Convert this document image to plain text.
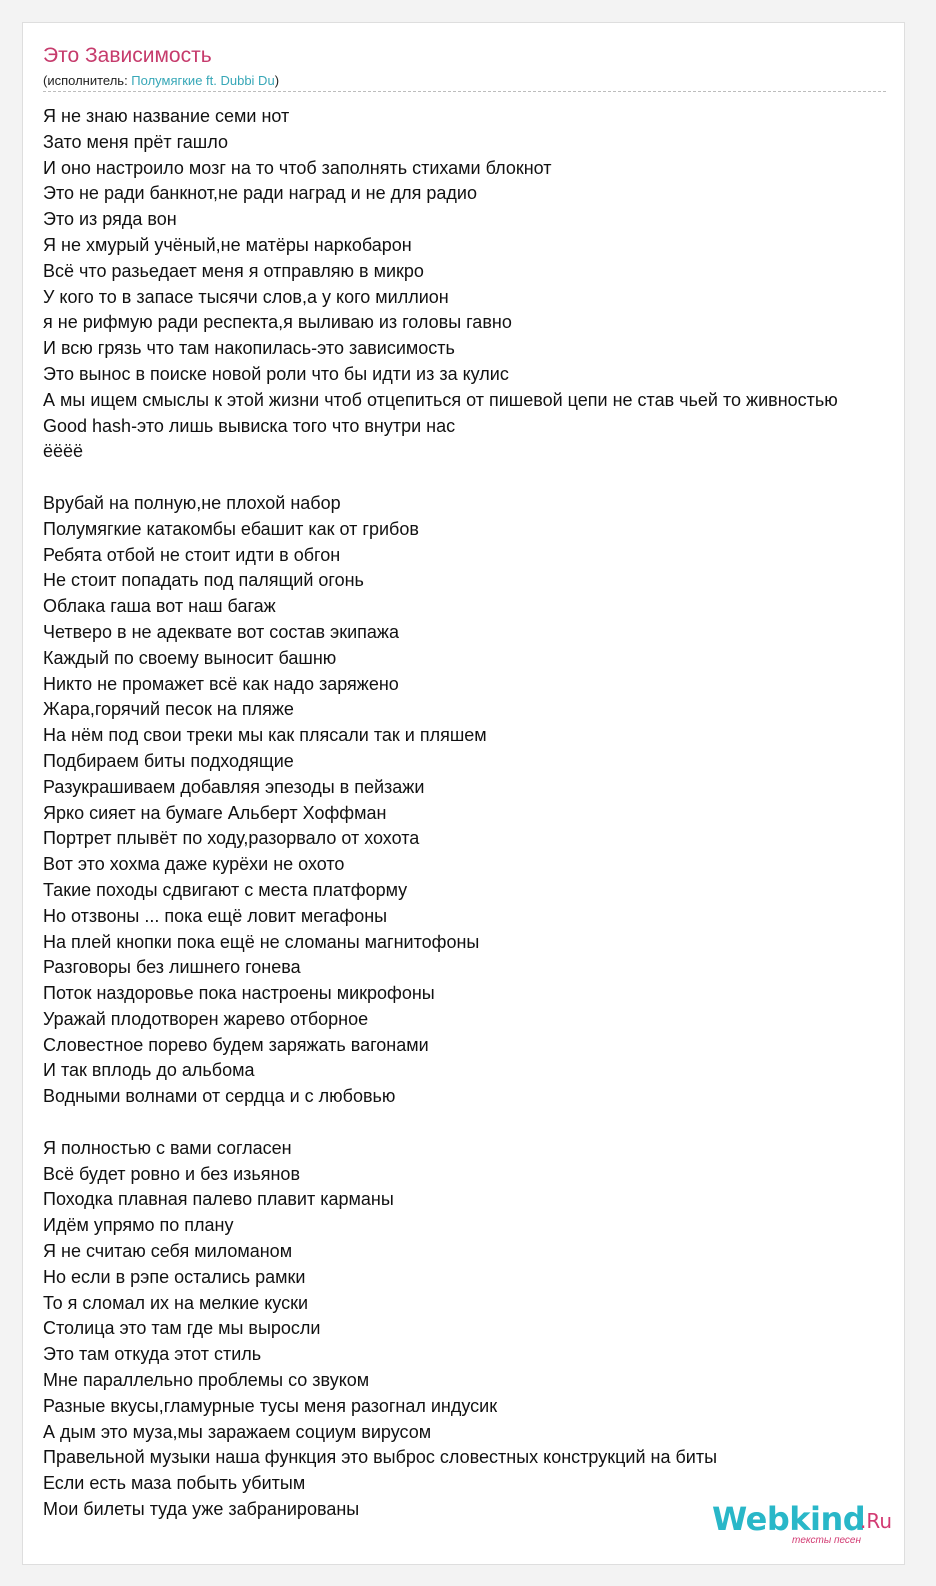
Это Зависимость
(исполнитель: Полумягкие ft. Dubbi Du)
Я не знаю название семи нот
Зато меня прёт гашло
И оно настроило мозг на то чтоб заполнять стихами блокнот
Это не ради банкнот,не ради наград и не для радио
Это из ряда вон
Я не хмурый учёный,не матёры наркобарон
Всё что разьедает меня я отправляю в микро
У кого то в запасе тысячи слов,а у кого миллион
я не рифмую ради респекта,я выливаю из головы гавно
И всю грязь что там накопилась-это зависимость
Это вынос в поиске новой роли что бы идти из за кулис
А мы ищем смыслы к этой жизни чтоб отцепиться от пишевой цепи не став чьей то живностью
Good hash-это лишь вывиска того что внутри нас
ёёёё

Врубай на полную,не плохой набор
Полумягкие катакомбы ебашит как от грибов
Ребята отбой не стоит идти в обгон
Не стоит попадать под палящий огонь
Облака гаша вот наш багаж
Четверо в не адеквате вот состав экипажа
Каждый по своему выносит башню
Никто не промажет всё как надо заряжено
Жара,горячий песок на пляже
На нём под свои треки мы как плясали так и пляшем
Подбираем биты подходящие
Разукрашиваем добавляя эпезоды в пейзажи
Ярко сияет на бумаге Альберт Хоффман
Портрет плывёт по ходу,разорвало от хохота
Вот это хохма даже курёхи не охото
Такие походы сдвигают с места платформу
Но отзвоны ... пока ещё ловит мегафоны
На плей кнопки пока ещё не сломаны магнитофоны
Разговоры без лишнего гонева
Поток наздоровье пока настроены микрофоны
Уражай плодотворен жарево отборное
Словестное порево будем заряжать вагонами
И так вплодь до альбома
Водными волнами от сердца и с любовью

Я полностью с вами согласен
Всё будет ровно и без изьянов
Походка плавная палево плавит карманы
Идём упрямо по плану
Я не считаю себя миломаном
Но если в рэпе остались рамки
То я сломал их на мелкие куски
Столица это там где мы выросли
Это там откуда этот стиль
Мне параллельно проблемы со звуком
Разные вкусы,гламурные тусы меня разогнал индусик
А дым это муза,мы заражаем социум вирусом
Правельной музыки наша функция это выброс словестных конструкций на биты
Если есть маза побыть убитым
Мои билеты туда уже забранированы	Webkind
.Ru
тексты песен
